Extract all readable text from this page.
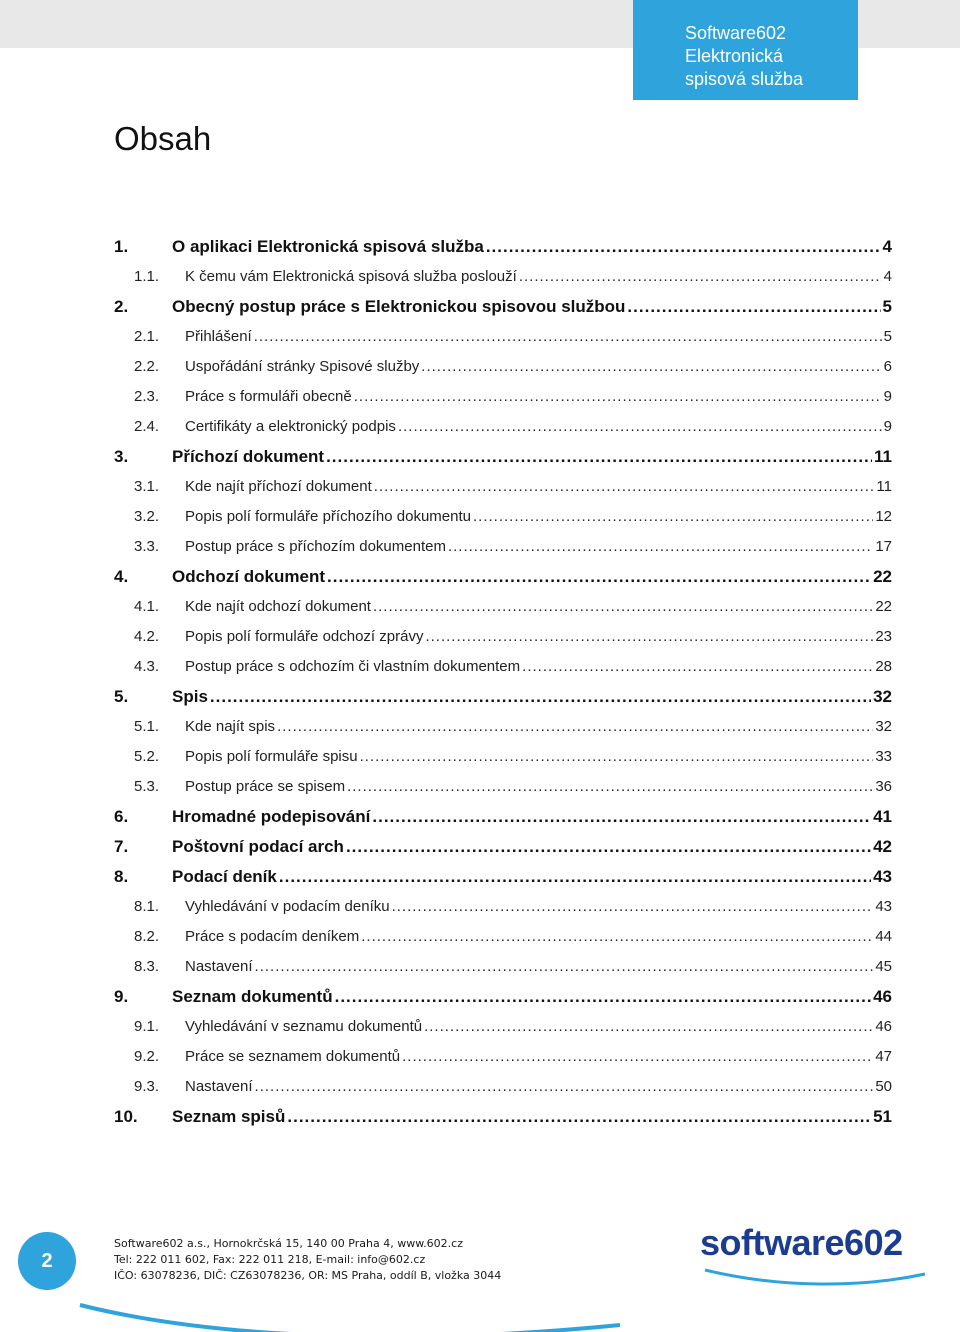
Software602
Elektronická
spisová služba
Obsah
1.	O aplikaci Elektronická spisová služba .....	4
1.1.	K čemu vám Elektronická spisová služba poslouží .....	4
2.	Obecný postup práce s Elektronickou spisovou službou .....	5
2.1.	Přihlášení .....	5
2.2.	Uspořádání stránky Spisové služby .....	6
2.3.	Práce s formuláři obecně .....	9
2.4.	Certifikáty a elektronický podpis .....	9
3.	Příchozí dokument .....	11
3.1.	Kde najít příchozí dokument .....	11
3.2.	Popis polí formuláře příchozího dokumentu .....	12
3.3.	Postup práce s příchozím dokumentem .....	17
4.	Odchozí dokument .....	22
4.1.	Kde najít odchozí dokument .....	22
4.2.	Popis polí formuláře odchozí zprávy .....	23
4.3.	Postup práce s odchozím či vlastním dokumentem .....	28
5.	Spis .....	32
5.1.	Kde najít spis .....	32
5.2.	Popis polí formuláře spisu .....	33
5.3.	Postup práce se spisem .....	36
6.	Hromadné podepisování .....	41
7.	Poštovní podací arch .....	42
8.	Podací deník .....	43
8.1.	Vyhledávání v podacím deníku .....	43
8.2.	Práce s podacím deníkem .....	44
8.3.	Nastavení .....	45
9.	Seznam dokumentů .....	46
9.1.	Vyhledávání v seznamu dokumentů .....	46
9.2.	Práce se seznamem dokumentů .....	47
9.3.	Nastavení .....	50
10.	Seznam spisů .....	51
2
Software602 a.s., Hornokrčská 15, 140 00 Praha 4, www.602.cz
Tel: 222 011 602, Fax: 222 011 218, E-mail: info@602.cz
IČO: 63078236, DIČ: CZ63078236, OR: MS Praha, oddíl B, vložka 3044
software602
